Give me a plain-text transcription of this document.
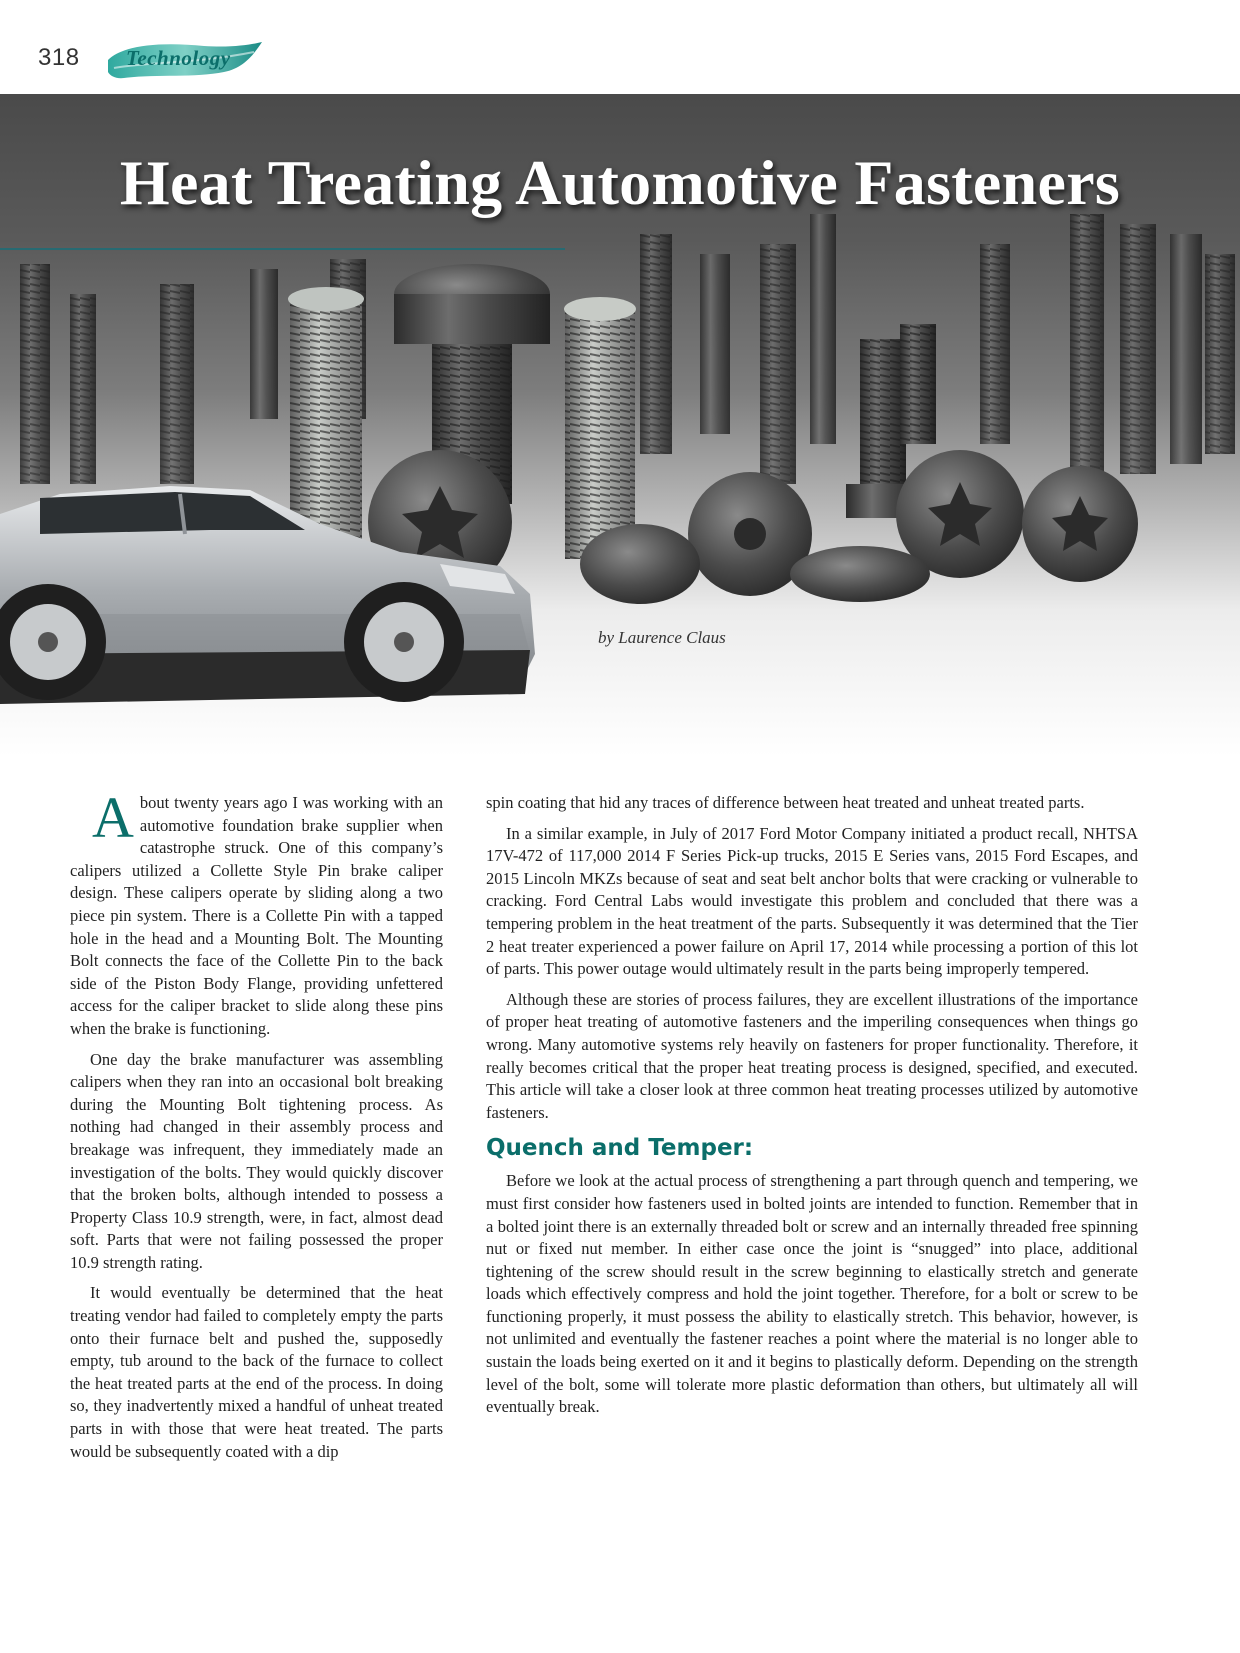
318 Technology
Heat Treating Automotive Fasteners
by Laurence Claus

About twenty years ago I was working with an automotive foundation brake supplier when catastrophe struck. One of this company’s calipers utilized a Collette Style Pin brake caliper design. These calipers operate by sliding along a two piece pin system. There is a Collette Pin with a tapped hole in the head and a Mounting Bolt. The Mounting Bolt connects the face of the Collette Pin to the back side of the Piston Body Flange, providing unfettered access for the caliper bracket to slide along these pins when the brake is functioning.

One day the brake manufacturer was assembling calipers when they ran into an occasional bolt breaking during the Mounting Bolt tightening process. As nothing had changed in their assembly process and breakage was infrequent, they immediately made an investigation of the bolts. They would quickly discover that the broken bolts, although intended to possess a Property Class 10.9 strength, were, in fact, almost dead soft. Parts that were not failing possessed the proper 10.9 strength rating.

It would eventually be determined that the heat treating vendor had failed to completely empty the parts onto their furnace belt and pushed the, supposedly empty, tub around to the back of the furnace to collect the heat treated parts at the end of the process. In doing so, they inadvertently mixed a handful of unheat treated parts in with those that were heat treated. The parts would be subsequently coated with a dip

spin coating that hid any traces of difference between heat treated and unheat treated parts.

In a similar example, in July of 2017 Ford Motor Company initiated a product recall, NHTSA 17V-472 of 117,000 2014 F Series Pick-up trucks, 2015 E Series vans, 2015 Ford Escapes, and 2015 Lincoln MKZs because of seat and seat belt anchor bolts that were cracking or vulnerable to cracking. Ford Central Labs would investigate this problem and concluded that there was a tempering problem in the heat treatment of the parts. Subsequently it was determined that the Tier 2 heat treater experienced a power failure on April 17, 2014 while processing a portion of this lot of parts. This power outage would ultimately result in the parts being improperly tempered.

Although these are stories of process failures, they are excellent illustrations of the importance of proper heat treating of automotive fasteners and the imperiling consequences when things go wrong. Many automotive systems rely heavily on fasteners for proper functionality. Therefore, it really becomes critical that the proper heat treating process is designed, specified, and executed. This article will take a closer look at three common heat treating processes utilized by automotive fasteners.

Quench and Temper:

Before we look at the actual process of strengthening a part through quench and tempering, we must first consider how fasteners used in bolted joints are intended to function. Remember that in a bolted joint there is an externally threaded bolt or screw and an internally threaded free spinning nut or fixed nut member. In either case once the joint is “snugged” into place, additional tightening of the screw should result in the screw beginning to elastically stretch and generate loads which effectively compress and hold the joint together. Therefore, for a bolt or screw to be functioning properly, it must possess the ability to elastically stretch. This behavior, however, is not unlimited and eventually the fastener reaches a point where the material is no longer able to sustain the loads being exerted on it and it begins to plastically deform. Depending on the strength level of the bolt, some will tolerate more plastic deformation than others, but ultimately all will eventually break.
